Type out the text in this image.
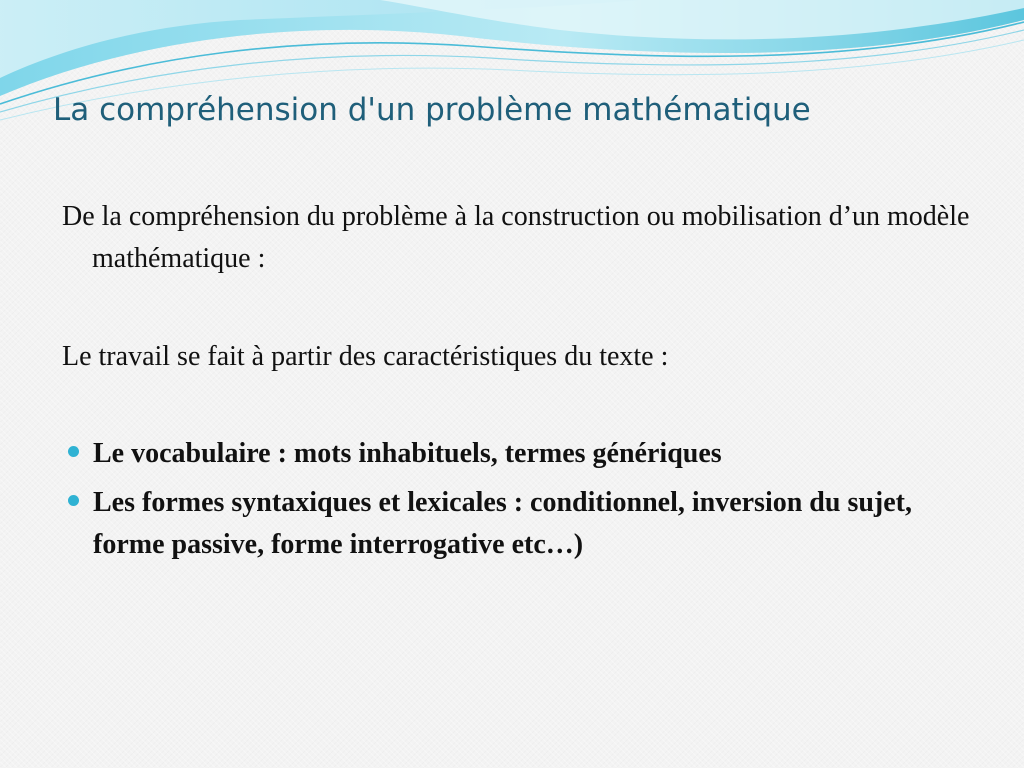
La compréhension d'un problème mathématique

De la compréhension du problème à la construction ou mobilisation d’un modèle mathématique :

Le travail se fait à partir des caractéristiques du texte :

Le vocabulaire : mots inhabituels, termes génériques
Les formes syntaxiques et lexicales : conditionnel, inversion du sujet, forme passive, forme interrogative etc…)
